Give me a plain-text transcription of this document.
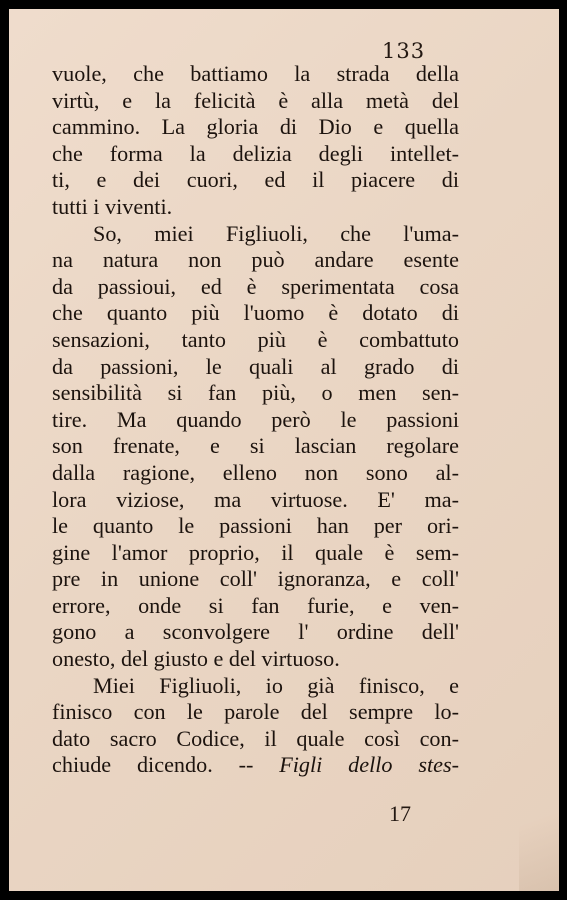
133
vuole, che battiamo la strada della
virtù, e la felicità è alla metà del
cammino. La gloria di Dio e quella
che forma la delizia degli intellet-
ti, e dei cuori, ed il piacere di
tutti i viventi.
So, miei Figliuoli, che l'uma-
na natura non può andare esente
da passioui, ed è sperimentata cosa
che quanto più l'uomo è dotato di
sensazioni, tanto più è combattuto
da passioni, le quali al grado di
sensibilità si fan più, o men sen-
tire. Ma quando però le passioni
son frenate, e si lascian regolare
dalla ragione, elleno non sono al-
lora viziose, ma virtuose. E' ma-
le quanto le passioni han per ori-
gine l'amor proprio, il quale è sem-
pre in unione coll' ignoranza, e coll'
errore, onde si fan furie, e ven-
gono a sconvolgere l' ordine dell'
onesto, del giusto e del virtuoso.
Miei Figliuoli, io già finisco, e
finisco con le parole del sempre lo-
dato sacro Codice, il quale così con-
chiude dicendo. -- Figli dello stes-
17
